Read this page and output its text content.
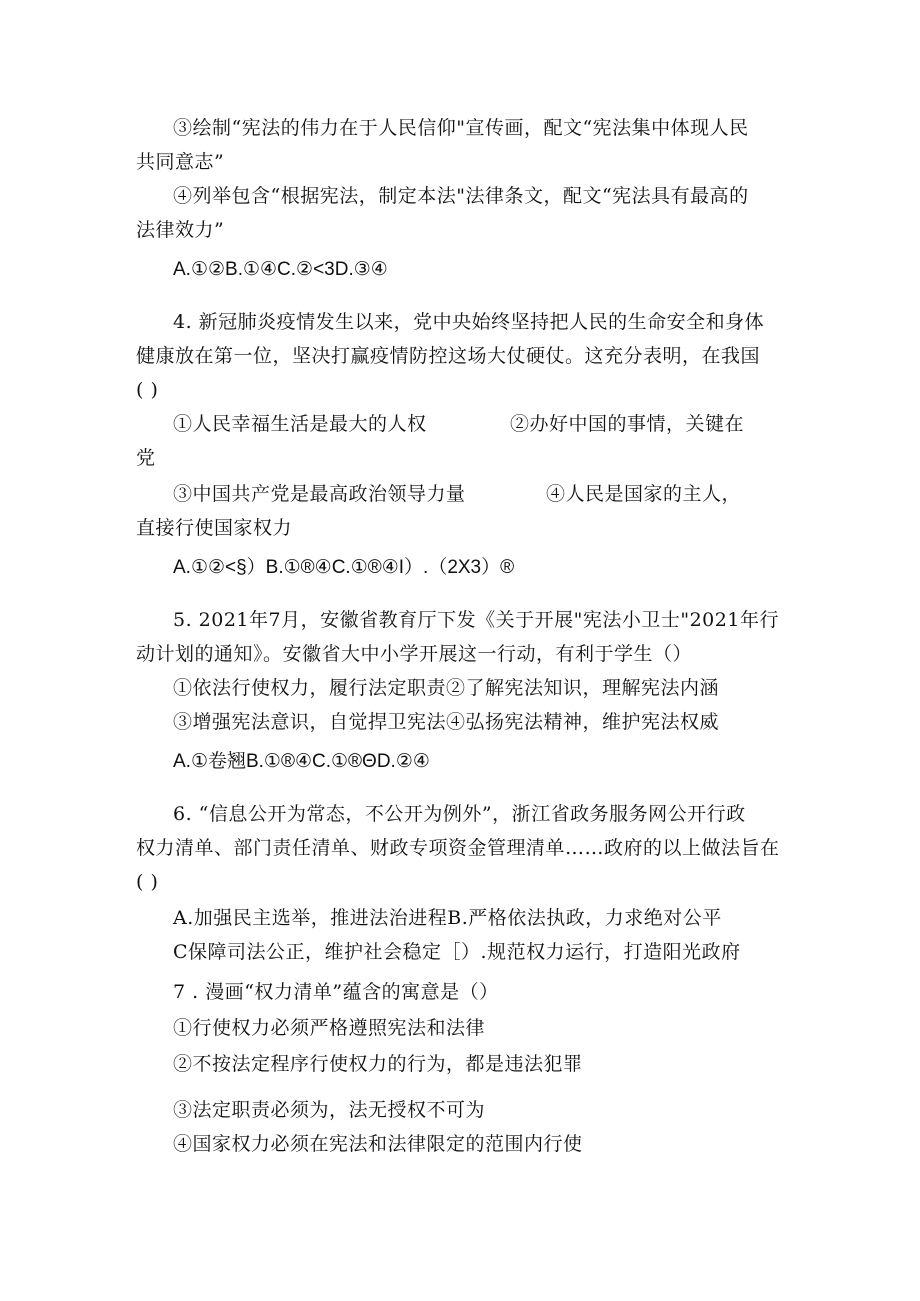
③绘制“宪法的伟力在于人民信仰"宣传画，配文“宪法集中体现人民
共同意志”
④列举包含“根据宪法，制定本法"法律条文，配文“宪法具有最高的
法律效力”
A.①②B.①④C.②<3D.③④
4. 新冠肺炎疫情发生以来，党中央始终坚持把人民的生命安全和身体
健康放在第一位，坚决打赢疫情防控这场大仗硬仗。这充分表明，在我国
( )
①人民幸福生活是最大的人权	②办好中国的事情，关键在
党
③中国共产党是最高政治领导力量	④人民是国家的主人，
直接行使国家权力
A.①②<§）B.①®④C.①®④I）.（2X3）®
5. 2021年7月，安徽省教育厅下发《关于开展"宪法小卫士"2021年行
动计划的通知》。安徽省大中小学开展这一行动，有利于学生（）
①依法行使权力，履行法定职责②了解宪法知识，理解宪法内涵
③增强宪法意识，自觉捍卫宪法④弘扬宪法精神，维护宪法权威
A.①卷翘B.①®④C.①®ΘD.②④
6. “信息公开为常态，不公开为例外”，浙江省政务服务网公开行政
权力清单、部门责任清单、财政专项资金管理清单……政府的以上做法旨在
( )
A.加强民主选举，推进法治进程B.严格依法执政，力求绝对公平
C保障司法公正，维护社会稳定［）.规范权力运行，打造阳光政府
7 . 漫画“权力清单”蕴含的寓意是（）
①行使权力必须严格遵照宪法和法律
②不按法定程序行使权力的行为，都是违法犯罪
③法定职责必须为，法无授权不可为
④国家权力必须在宪法和法律限定的范围内行使
